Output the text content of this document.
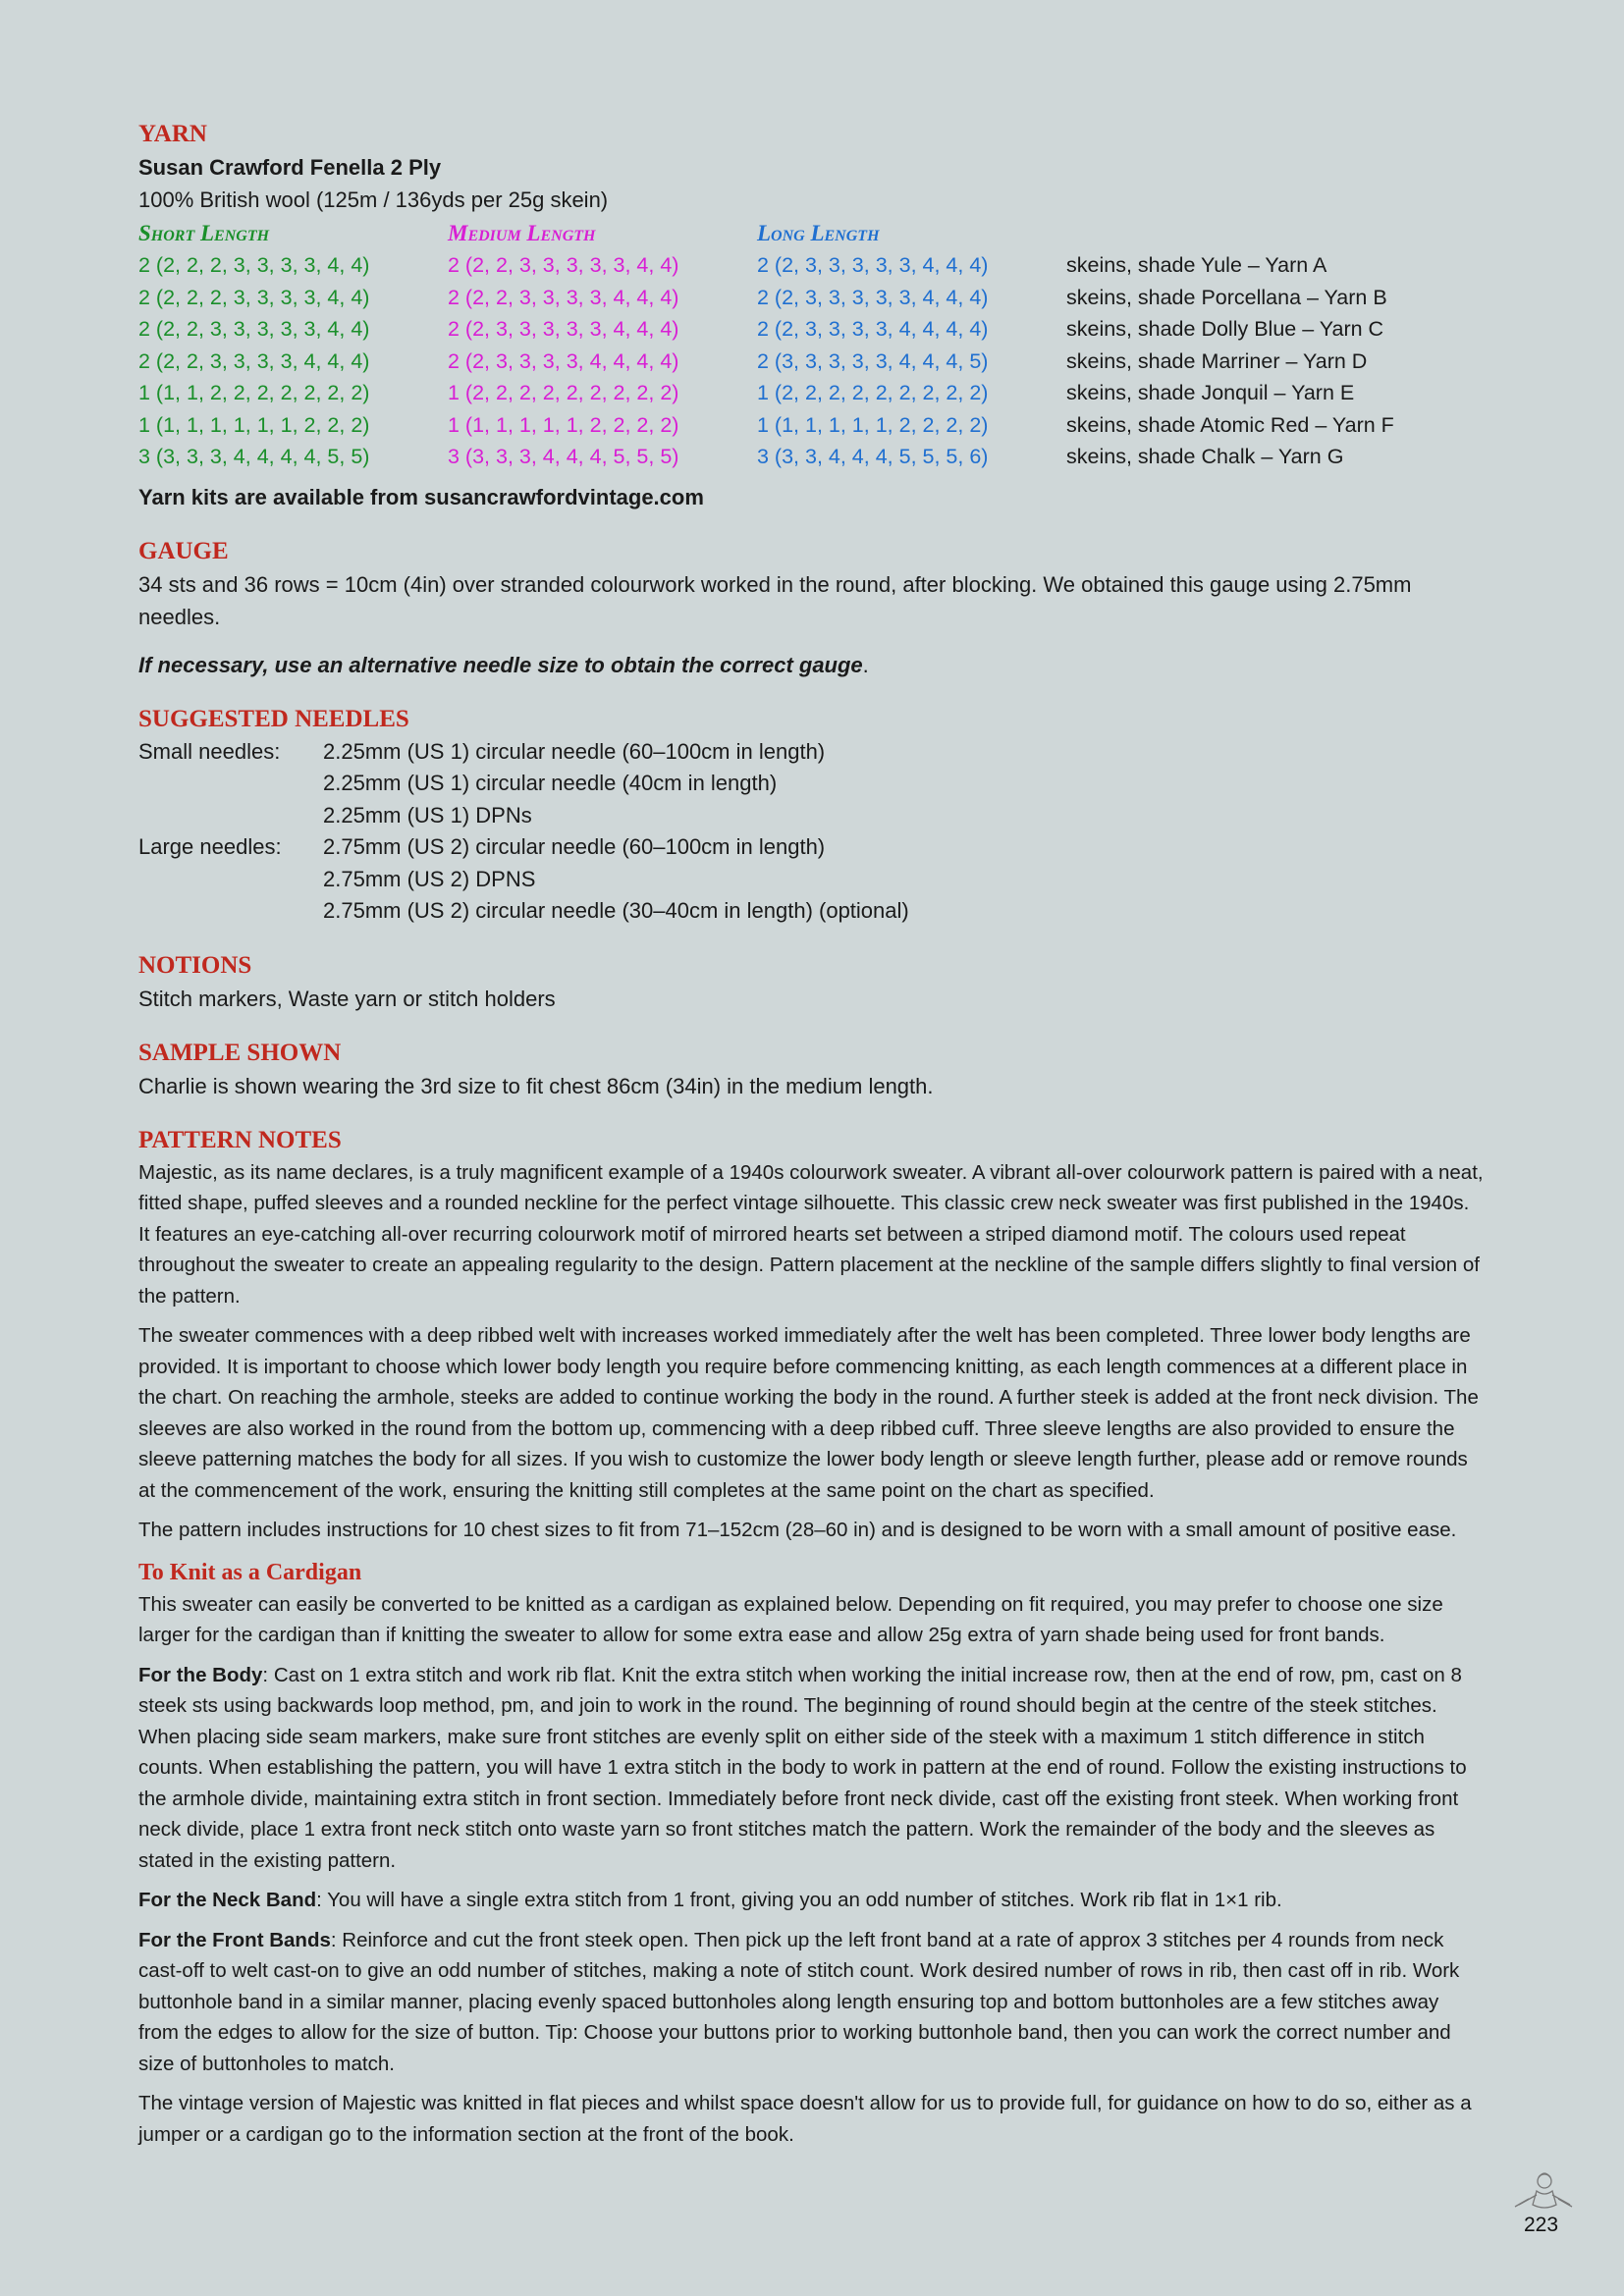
YARN
Susan Crawford Fenella 2 Ply
100% British wool (125m / 136yds per 25g skein)
Short Length	Medium Length	Long Length
2 (2, 2, 2, 3, 3, 3, 3, 4, 4)	2 (2, 2, 3, 3, 3, 3, 3, 4, 4)	2 (2, 3, 3, 3, 3, 3, 4, 4, 4)	skeins, shade Yule – Yarn A
2 (2, 2, 2, 3, 3, 3, 3, 4, 4)	2 (2, 2, 3, 3, 3, 3, 4, 4, 4)	2 (2, 3, 3, 3, 3, 3, 4, 4, 4)	skeins, shade Porcellana – Yarn B
2 (2, 2, 3, 3, 3, 3, 3, 4, 4)	2 (2, 3, 3, 3, 3, 3, 4, 4, 4)	2 (2, 3, 3, 3, 3, 4, 4, 4, 4)	skeins, shade Dolly Blue – Yarn C
2 (2, 2, 3, 3, 3, 3, 4, 4, 4)	2 (2, 3, 3, 3, 3, 4, 4, 4, 4)	2 (3, 3, 3, 3, 3, 4, 4, 4, 5)	skeins, shade Marriner – Yarn D
1 (1, 1, 2, 2, 2, 2, 2, 2, 2)	1 (2, 2, 2, 2, 2, 2, 2, 2, 2)	1 (2, 2, 2, 2, 2, 2, 2, 2, 2)	skeins, shade Jonquil – Yarn E
1 (1, 1, 1, 1, 1, 1, 2, 2, 2)	1 (1, 1, 1, 1, 1, 2, 2, 2, 2)	1 (1, 1, 1, 1, 1, 2, 2, 2, 2)	skeins, shade Atomic Red – Yarn F
3 (3, 3, 3, 4, 4, 4, 4, 5, 5)	3 (3, 3, 3, 4, 4, 4, 5, 5, 5)	3 (3, 3, 4, 4, 4, 5, 5, 5, 6)	skeins, shade Chalk – Yarn G
Yarn kits are available from susancrawfordvintage.com
GAUGE

34 sts and 36 rows = 10cm (4in) over stranded colourwork worked in the round, after blocking. We obtained this gauge using 2.75mm needles.

If necessary, use an alternative needle size to obtain the correct gauge.

SUGGESTED NEEDLES
Small needles:	2.25mm (US 1) circular needle (60–100cm in length)
2.25mm (US 1) circular needle (40cm in length)
2.25mm (US 1) DPNs
Large needles:	2.75mm (US 2) circular needle (60–100cm in length)
2.75mm (US 2) DPNS
2.75mm (US 2) circular needle (30–40cm in length) (optional)
NOTIONS

Stitch markers, Waste yarn or stitch holders

SAMPLE SHOWN

Charlie is shown wearing the 3rd size to fit chest 86cm (34in) in the medium length.

PATTERN NOTES

Majestic, as its name declares, is a truly magnificent example of a 1940s colourwork sweater. A vibrant all-over colourwork pattern is paired with a neat, fitted shape, puffed sleeves and a rounded neckline for the perfect vintage silhouette. This classic crew neck sweater was first published in the 1940s. It features an eye-catching all-over recurring colourwork motif of mirrored hearts set between a striped diamond motif. The colours used repeat throughout the sweater to create an appealing regularity to the design. Pattern placement at the neckline of the sample differs slightly to final version of the pattern.

The sweater commences with a deep ribbed welt with increases worked immediately after the welt has been completed. Three lower body lengths are provided. It is important to choose which lower body length you require before commencing knitting, as each length commences at a different place in the chart. On reaching the armhole, steeks are added to continue working the body in the round. A further steek is added at the front neck division. The sleeves are also worked in the round from the bottom up, commencing with a deep ribbed cuff. Three sleeve lengths are also provided to ensure the sleeve patterning matches the body for all sizes. If you wish to customize the lower body length or sleeve length further, please add or remove rounds at the commencement of the work, ensuring the knitting still completes at the same point on the chart as specified.

The pattern includes instructions for 10 chest sizes to fit from 71–152cm (28–60 in) and is designed to be worn with a small amount of positive ease.

To Knit as a Cardigan

This sweater can easily be converted to be knitted as a cardigan as explained below. Depending on fit required, you may prefer to choose one size larger for the cardigan than if knitting the sweater to allow for some extra ease and allow 25g extra of yarn shade being used for front bands.

For the Body: Cast on 1 extra stitch and work rib flat. Knit the extra stitch when working the initial increase row, then at the end of row, pm, cast on 8 steek sts using backwards loop method, pm, and join to work in the round. The beginning of round should begin at the centre of the steek stitches. When placing side seam markers, make sure front stitches are evenly split on either side of the steek with a maximum 1 stitch difference in stitch counts. When establishing the pattern, you will have 1 extra stitch in the body to work in pattern at the end of round. Follow the existing instructions to the armhole divide, maintaining extra stitch in front section. Immediately before front neck divide, cast off the existing front steek. When working front neck divide, place 1 extra front neck stitch onto waste yarn so front stitches match the pattern. Work the remainder of the body and the sleeves as stated in the existing pattern.

For the Neck Band: You will have a single extra stitch from 1 front, giving you an odd number of stitches. Work rib flat in 1×1 rib.

For the Front Bands: Reinforce and cut the front steek open. Then pick up the left front band at a rate of approx 3 stitches per 4 rounds from neck cast-off to welt cast-on to give an odd number of stitches, making a note of stitch count. Work desired number of rows in rib, then cast off in rib. Work buttonhole band in a similar manner, placing evenly spaced buttonholes along length ensuring top and bottom buttonholes are a few stitches away from the edges to allow for the size of button. Tip: Choose your buttons prior to working buttonhole band, then you can work the correct number and size of buttonholes to match.

The vintage version of Majestic was knitted in flat pieces and whilst space doesn't allow for us to provide full, for guidance on how to do so, either as a jumper or a cardigan go to the information section at the front of the book.

223
